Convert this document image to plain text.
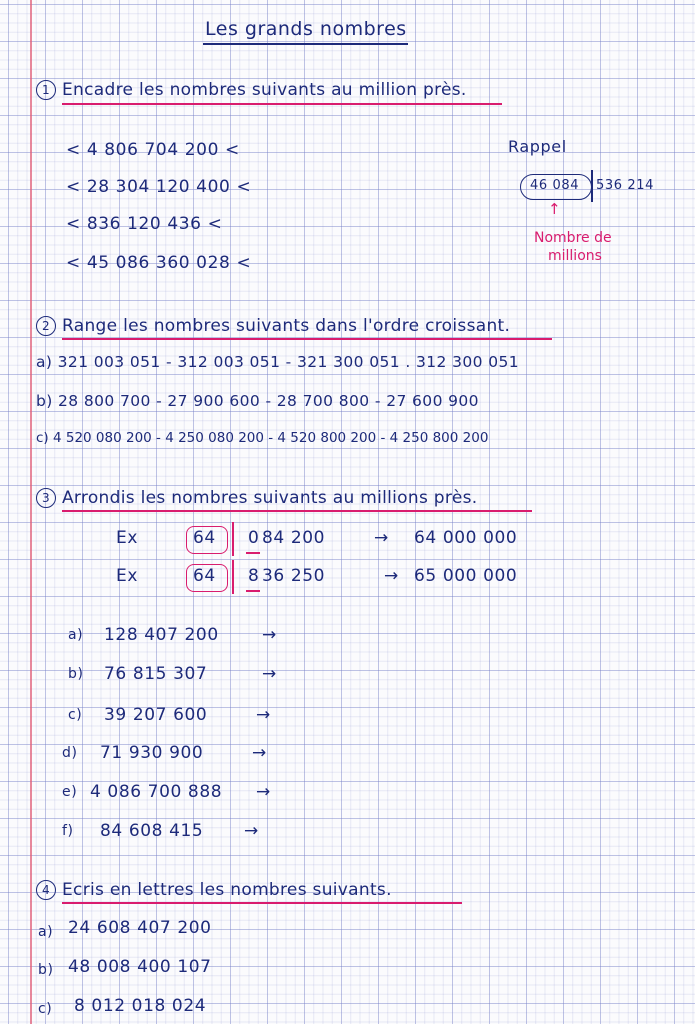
Les grands nombres
1 Encadre les nombres suivants au million près.
< 4 806 704 200 <
< 28 304 120 400 <
< 836 120 436 <
< 45 086 360 028 <
Rappel
46 084 536 214
↑
Nombre de
millions
2 Range les nombres suivants dans l'ordre croissant.
a) 321 003 051 - 312 003 051 - 321 300 051 . 312 300 051
b) 28 800 700 - 27 900 600 - 28 700 800 - 27 600 900
c) 4 520 080 200 - 4 250 080 200 - 4 520 800 200 - 4 250 800 200
3 Arrondis les nombres suivants au millions près.
Ex	64 0 84 200	→ 64 000 000
Ex	64 8 36 250	→ 65 000 000
a) 128 407 200	→
b) 76 815 307	→
c) 39 207 600	→
d) 71 930 900	→
e) 4 086 700 888 →
f) 84 608 415 →
4 Ecris en lettres les nombres suivants.
a) 24 608 407 200
b) 48 008 400 107
c) 8 012 018 024
